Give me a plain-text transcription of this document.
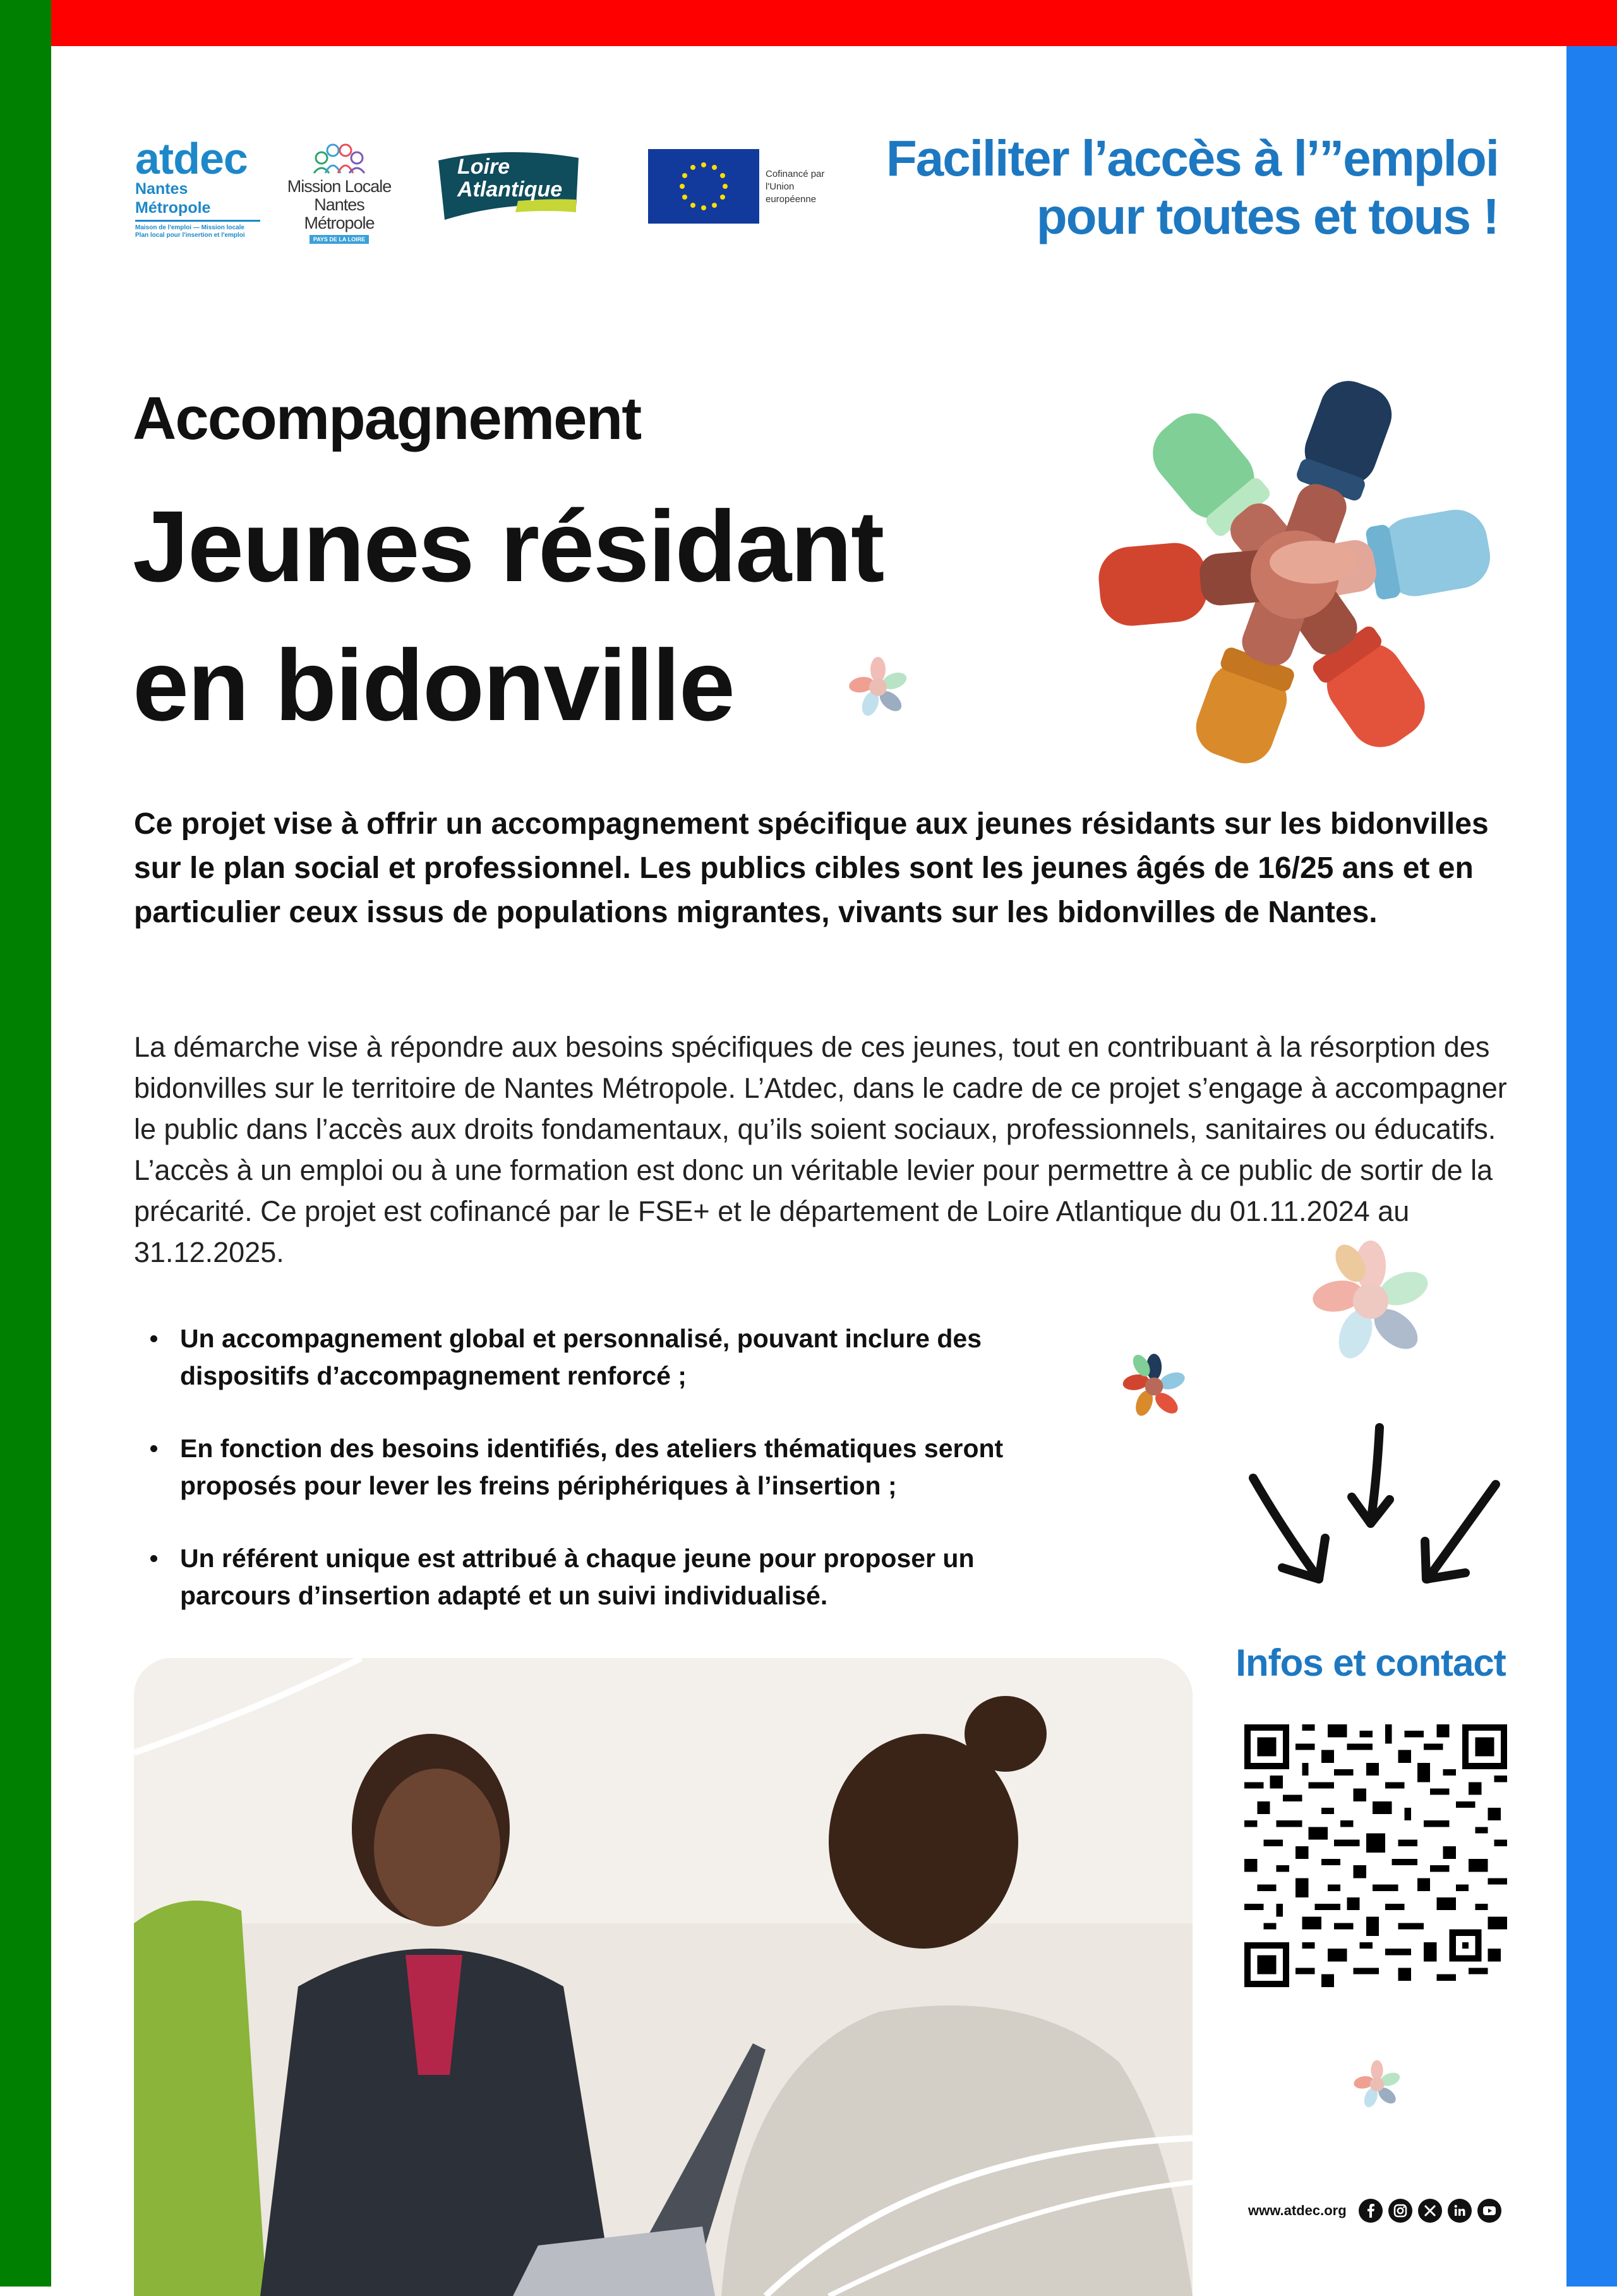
atdec
Nantes Métropole
Maison de l'emploi — Mission locale
Plan local pour l'insertion et l'emploi
Mission Locale
Nantes Métropole
PAYS DE LA LOIRE
Loire
Atlantique
Cofinancé par
l'Union
européenne
Faciliter l’accès à l’”emploi
pour toutes et tous !
Accompagnement
Jeunes résidant
en bidonville
Ce projet vise à offrir un accompagnement spécifique aux jeunes résidants sur les bidonvilles sur le plan social et professionnel. Les publics cibles sont les jeunes âgés de 16/25 ans et en particulier ceux issus de populations migrantes, vivants sur les bidonvilles de Nantes.
La démarche vise à répondre aux besoins spécifiques de ces jeunes, tout en contribuant à la résorption des bidonvilles sur le territoire de Nantes Métropole. L’Atdec, dans le cadre de ce projet s’engage à accompagner le public dans l’accès aux droits fondamentaux, qu’ils soient sociaux, professionnels, sanitaires ou éducatifs. L’accès à un emploi ou à une formation est donc un véritable levier pour permettre à ce public de sortir de la précarité. Ce projet est cofinancé par le FSE+ et le département de Loire Atlantique du 01.11.2024 au 31.12.2025.
Un accompagnement global et personnalisé, pouvant inclure des dispositifs d’accompagnement renforcé ;
En fonction des besoins identifiés, des ateliers thématiques seront proposés pour lever les freins périphériques à l’insertion ;
Un référent unique est attribué à chaque jeune pour proposer un parcours d’insertion adapté et un suivi individualisé.
Infos et contact
www.atdec.org
